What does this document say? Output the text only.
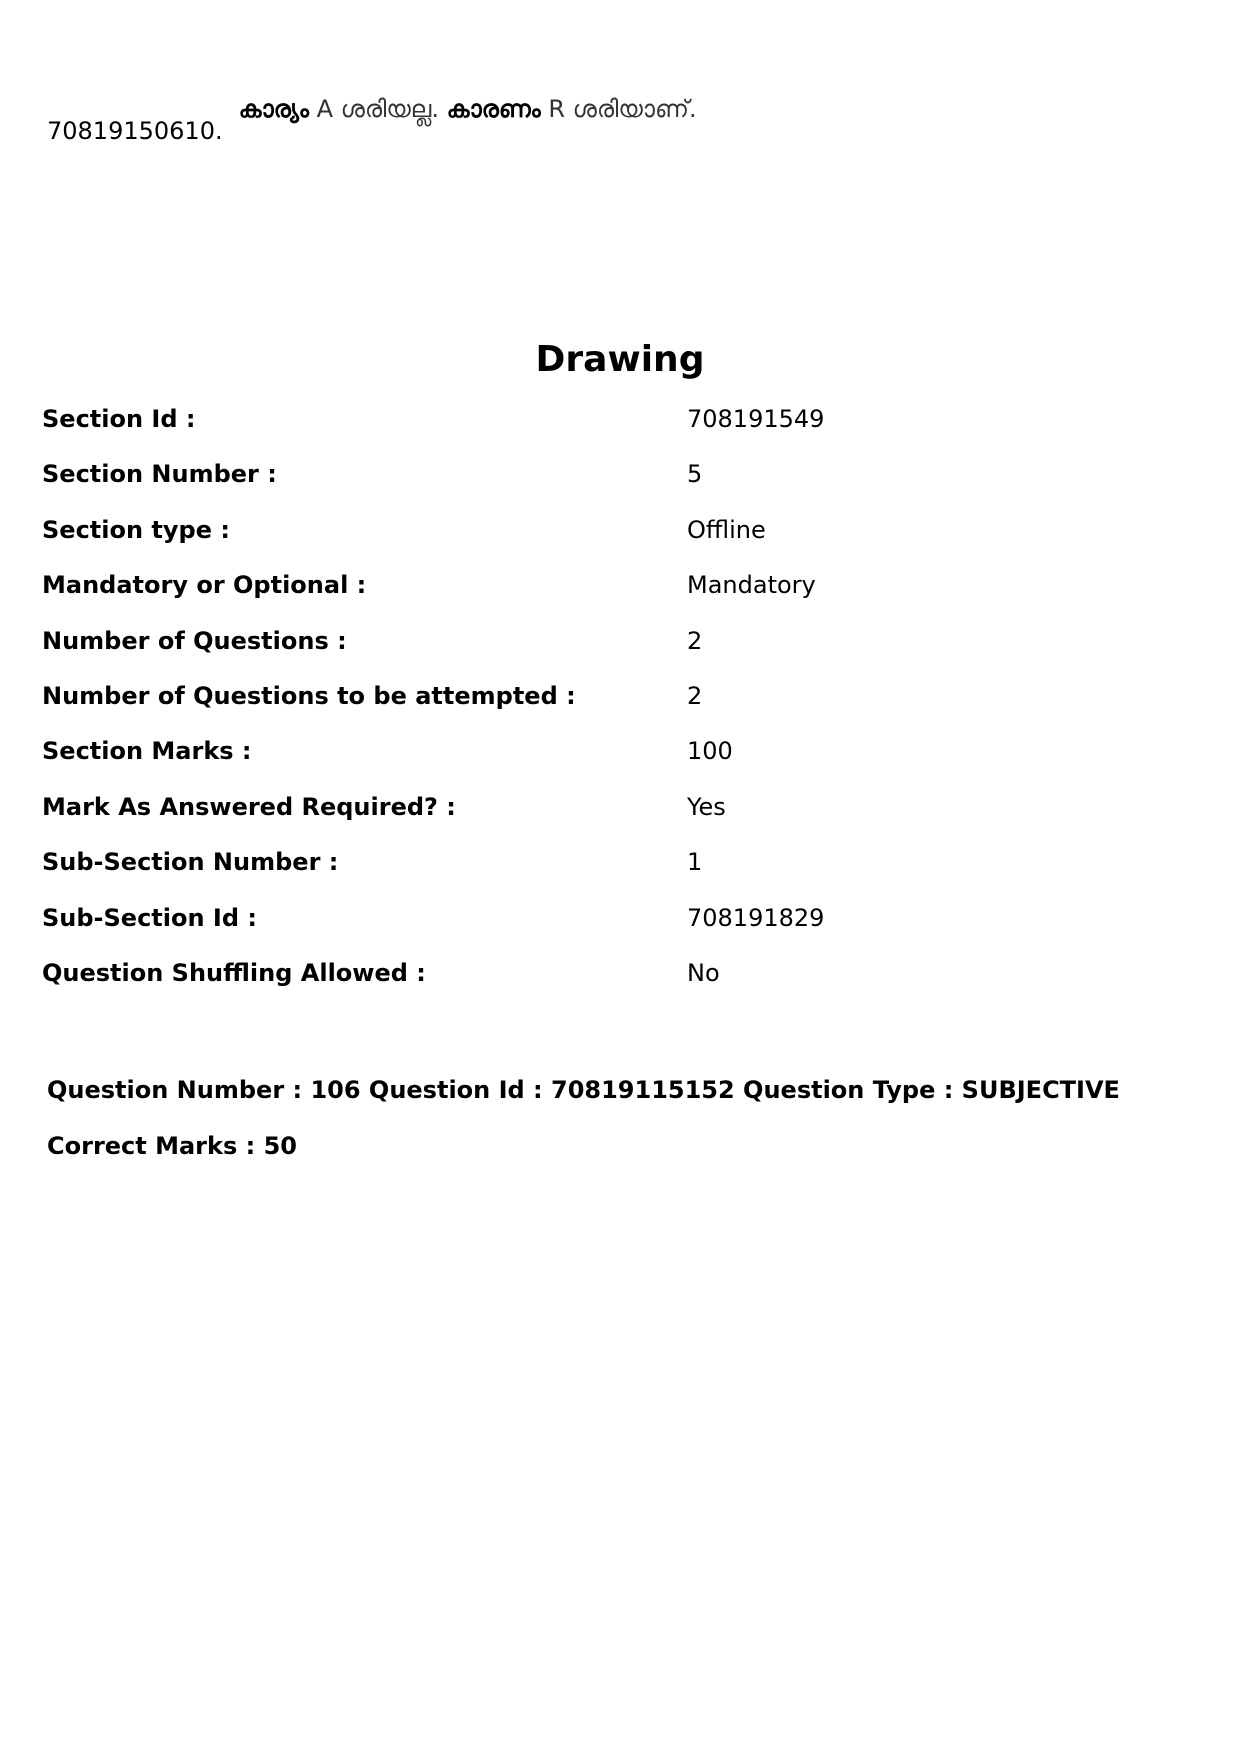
70819150610.
കാര്യം A ശരിയല്ല. കാരണം R ശരിയാണ്.
Drawing
Section Id :	708191549
Section Number :	5
Section type :	Offline
Mandatory or Optional :	Mandatory
Number of Questions :	2
Number of Questions to be attempted :	2
Section Marks :	100
Mark As Answered Required? :	Yes
Sub-Section Number :	1
Sub-Section Id :	708191829
Question Shuffling Allowed :	No
Question Number : 106 Question Id : 70819115152 Question Type : SUBJECTIVE
Correct Marks : 50
